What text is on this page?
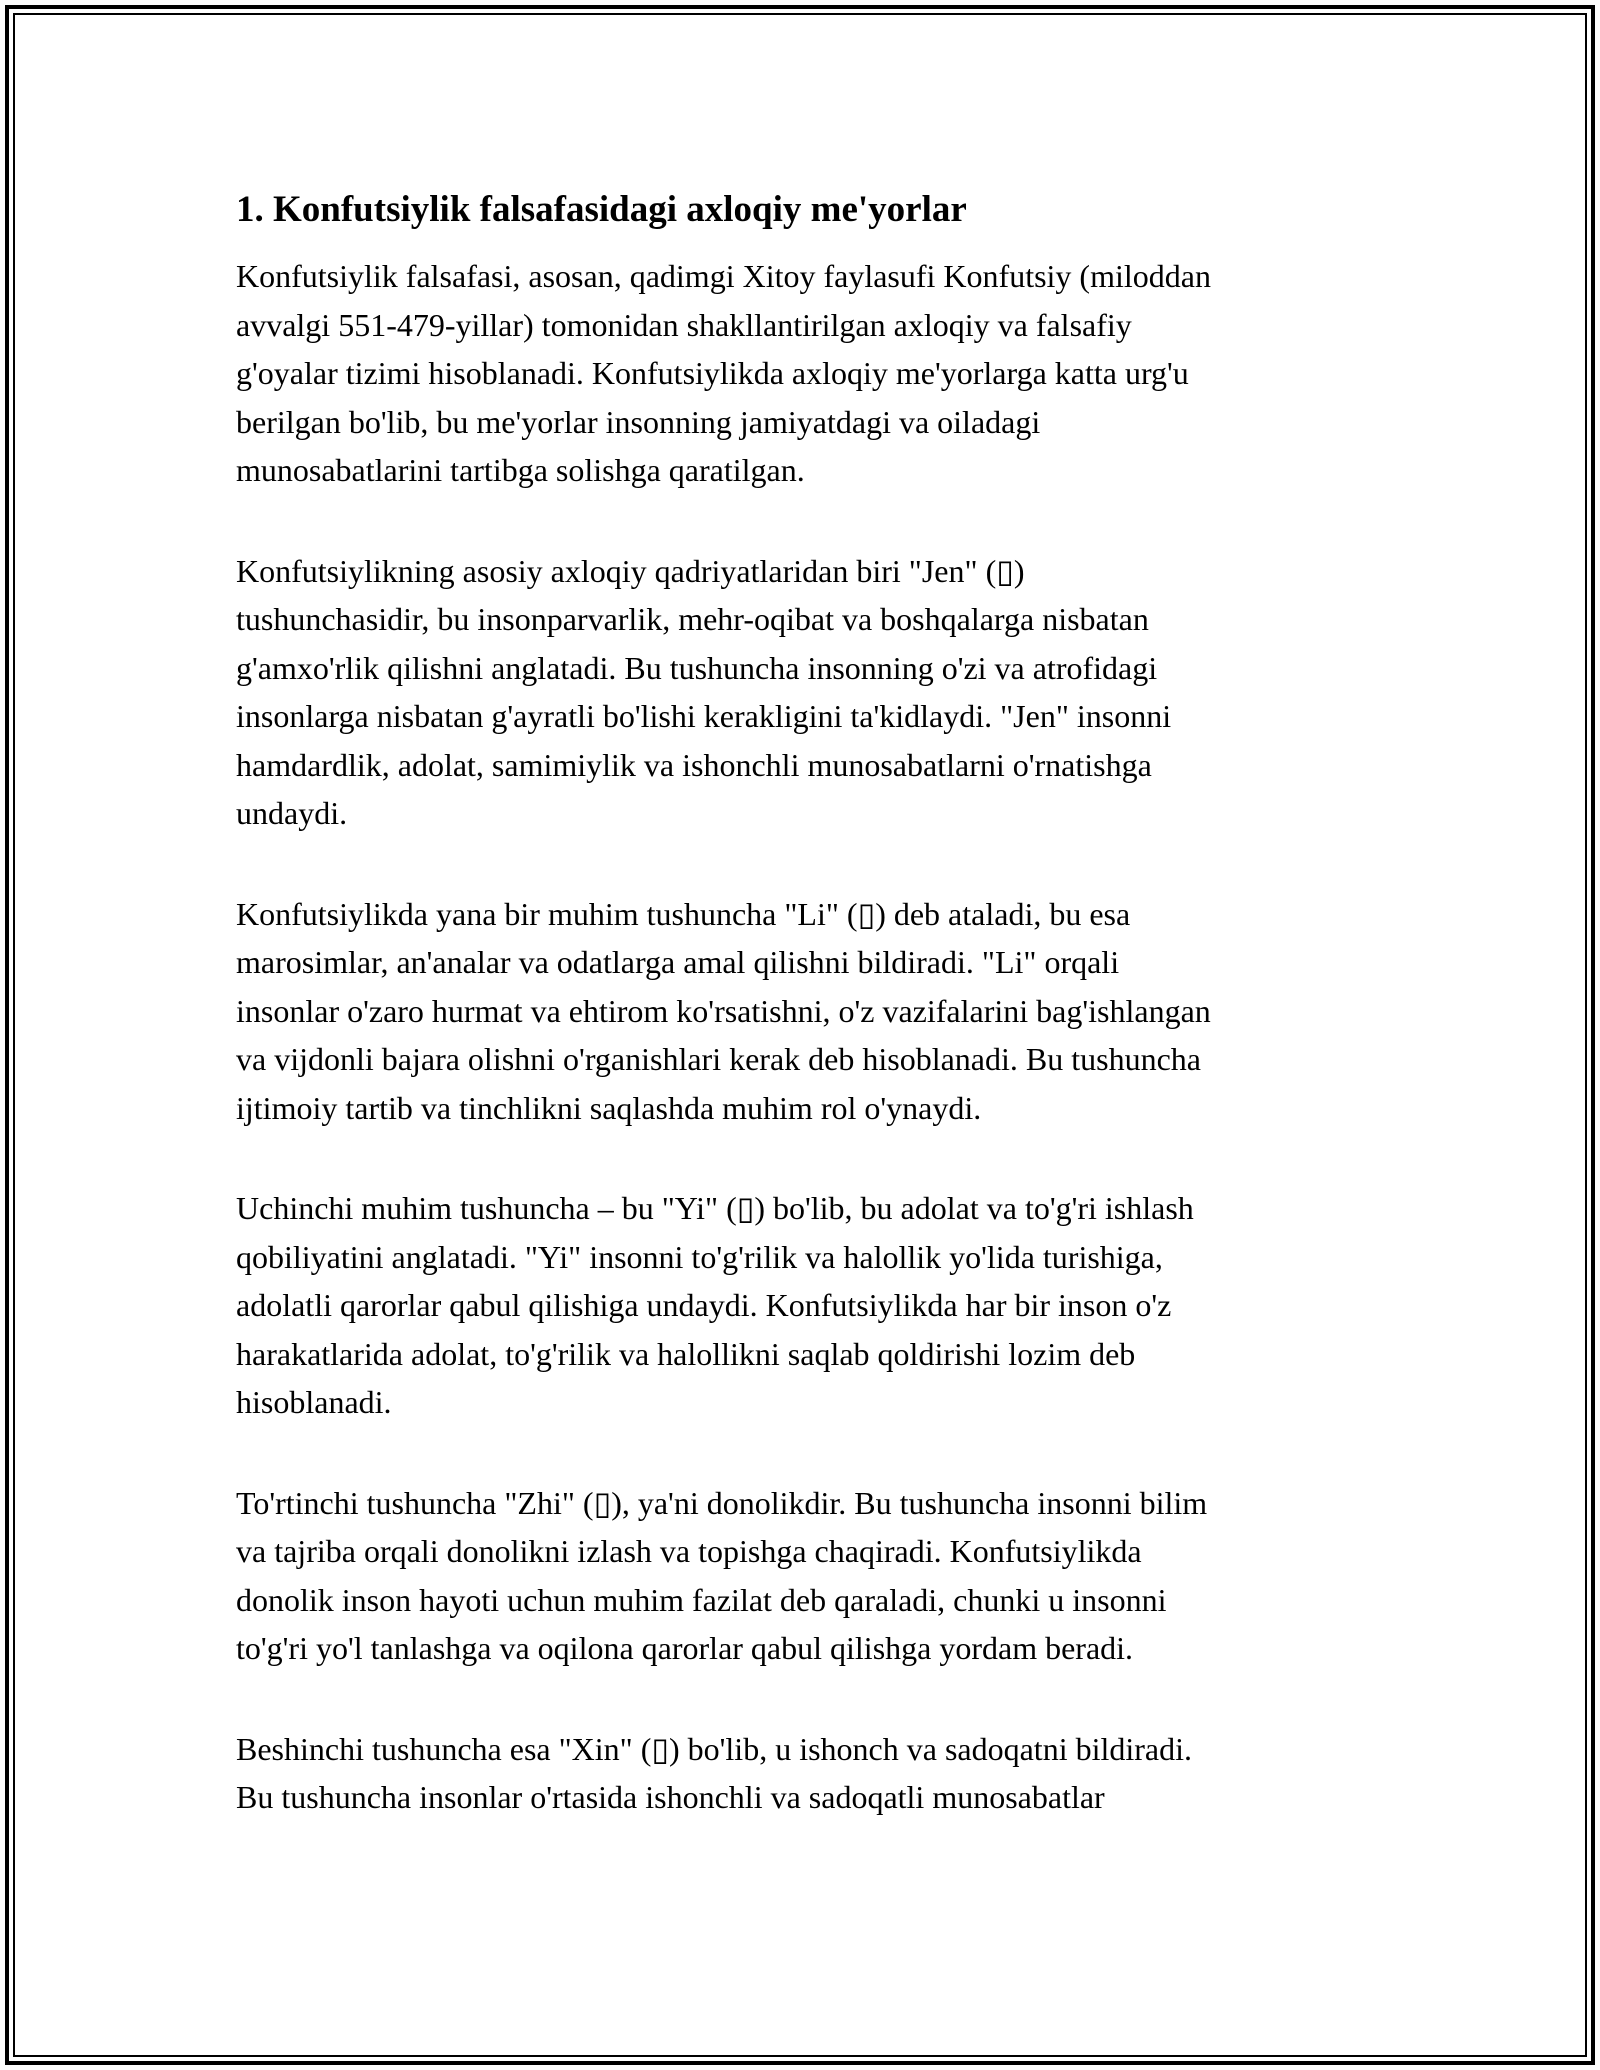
1. Konfutsiylik falsafasidagi axloqiy me'yorlar

Konfutsiylik falsafasi, asosan, qadimgi Xitoy faylasufi Konfutsiy (miloddan
avvalgi 551-479-yillar) tomonidan shakllantirilgan axloqiy va falsafiy
g'oyalar tizimi hisoblanadi. Konfutsiylikda axloqiy me'yorlarga katta urg'u
berilgan bo'lib, bu me'yorlar insonning jamiyatdagi va oiladagi
munosabatlarini tartibga solishga qaratilgan.

Konfutsiylikning asosiy axloqiy qadriyatlaridan biri "Jen" (▯)
tushunchasidir, bu insonparvarlik, mehr-oqibat va boshqalarga nisbatan
g'amxo'rlik qilishni anglatadi. Bu tushuncha insonning o'zi va atrofidagi
insonlarga nisbatan g'ayratli bo'lishi kerakligini ta'kidlaydi. "Jen" insonni
hamdardlik, adolat, samimiylik va ishonchli munosabatlarni o'rnatishga
undaydi.

Konfutsiylikda yana bir muhim tushuncha "Li" (▯) deb ataladi, bu esa
marosimlar, an'analar va odatlarga amal qilishni bildiradi. "Li" orqali
insonlar o'zaro hurmat va ehtirom ko'rsatishni, o'z vazifalarini bag'ishlangan
va vijdonli bajara olishni o'rganishlari kerak deb hisoblanadi. Bu tushuncha
ijtimoiy tartib va tinchlikni saqlashda muhim rol o'ynaydi.

Uchinchi muhim tushuncha – bu "Yi" (▯) bo'lib, bu adolat va to'g'ri ishlash
qobiliyatini anglatadi. "Yi" insonni to'g'rilik va halollik yo'lida turishiga,
adolatli qarorlar qabul qilishiga undaydi. Konfutsiylikda har bir inson o'z
harakatlarida adolat, to'g'rilik va halollikni saqlab qoldirishi lozim deb
hisoblanadi.

To'rtinchi tushuncha "Zhi" (▯), ya'ni donolikdir. Bu tushuncha insonni bilim
va tajriba orqali donolikni izlash va topishga chaqiradi. Konfutsiylikda
donolik inson hayoti uchun muhim fazilat deb qaraladi, chunki u insonni
to'g'ri yo'l tanlashga va oqilona qarorlar qabul qilishga yordam beradi.

Beshinchi tushuncha esa "Xin" (▯) bo'lib, u ishonch va sadoqatni bildiradi.
Bu tushuncha insonlar o'rtasida ishonchli va sadoqatli munosabatlar
